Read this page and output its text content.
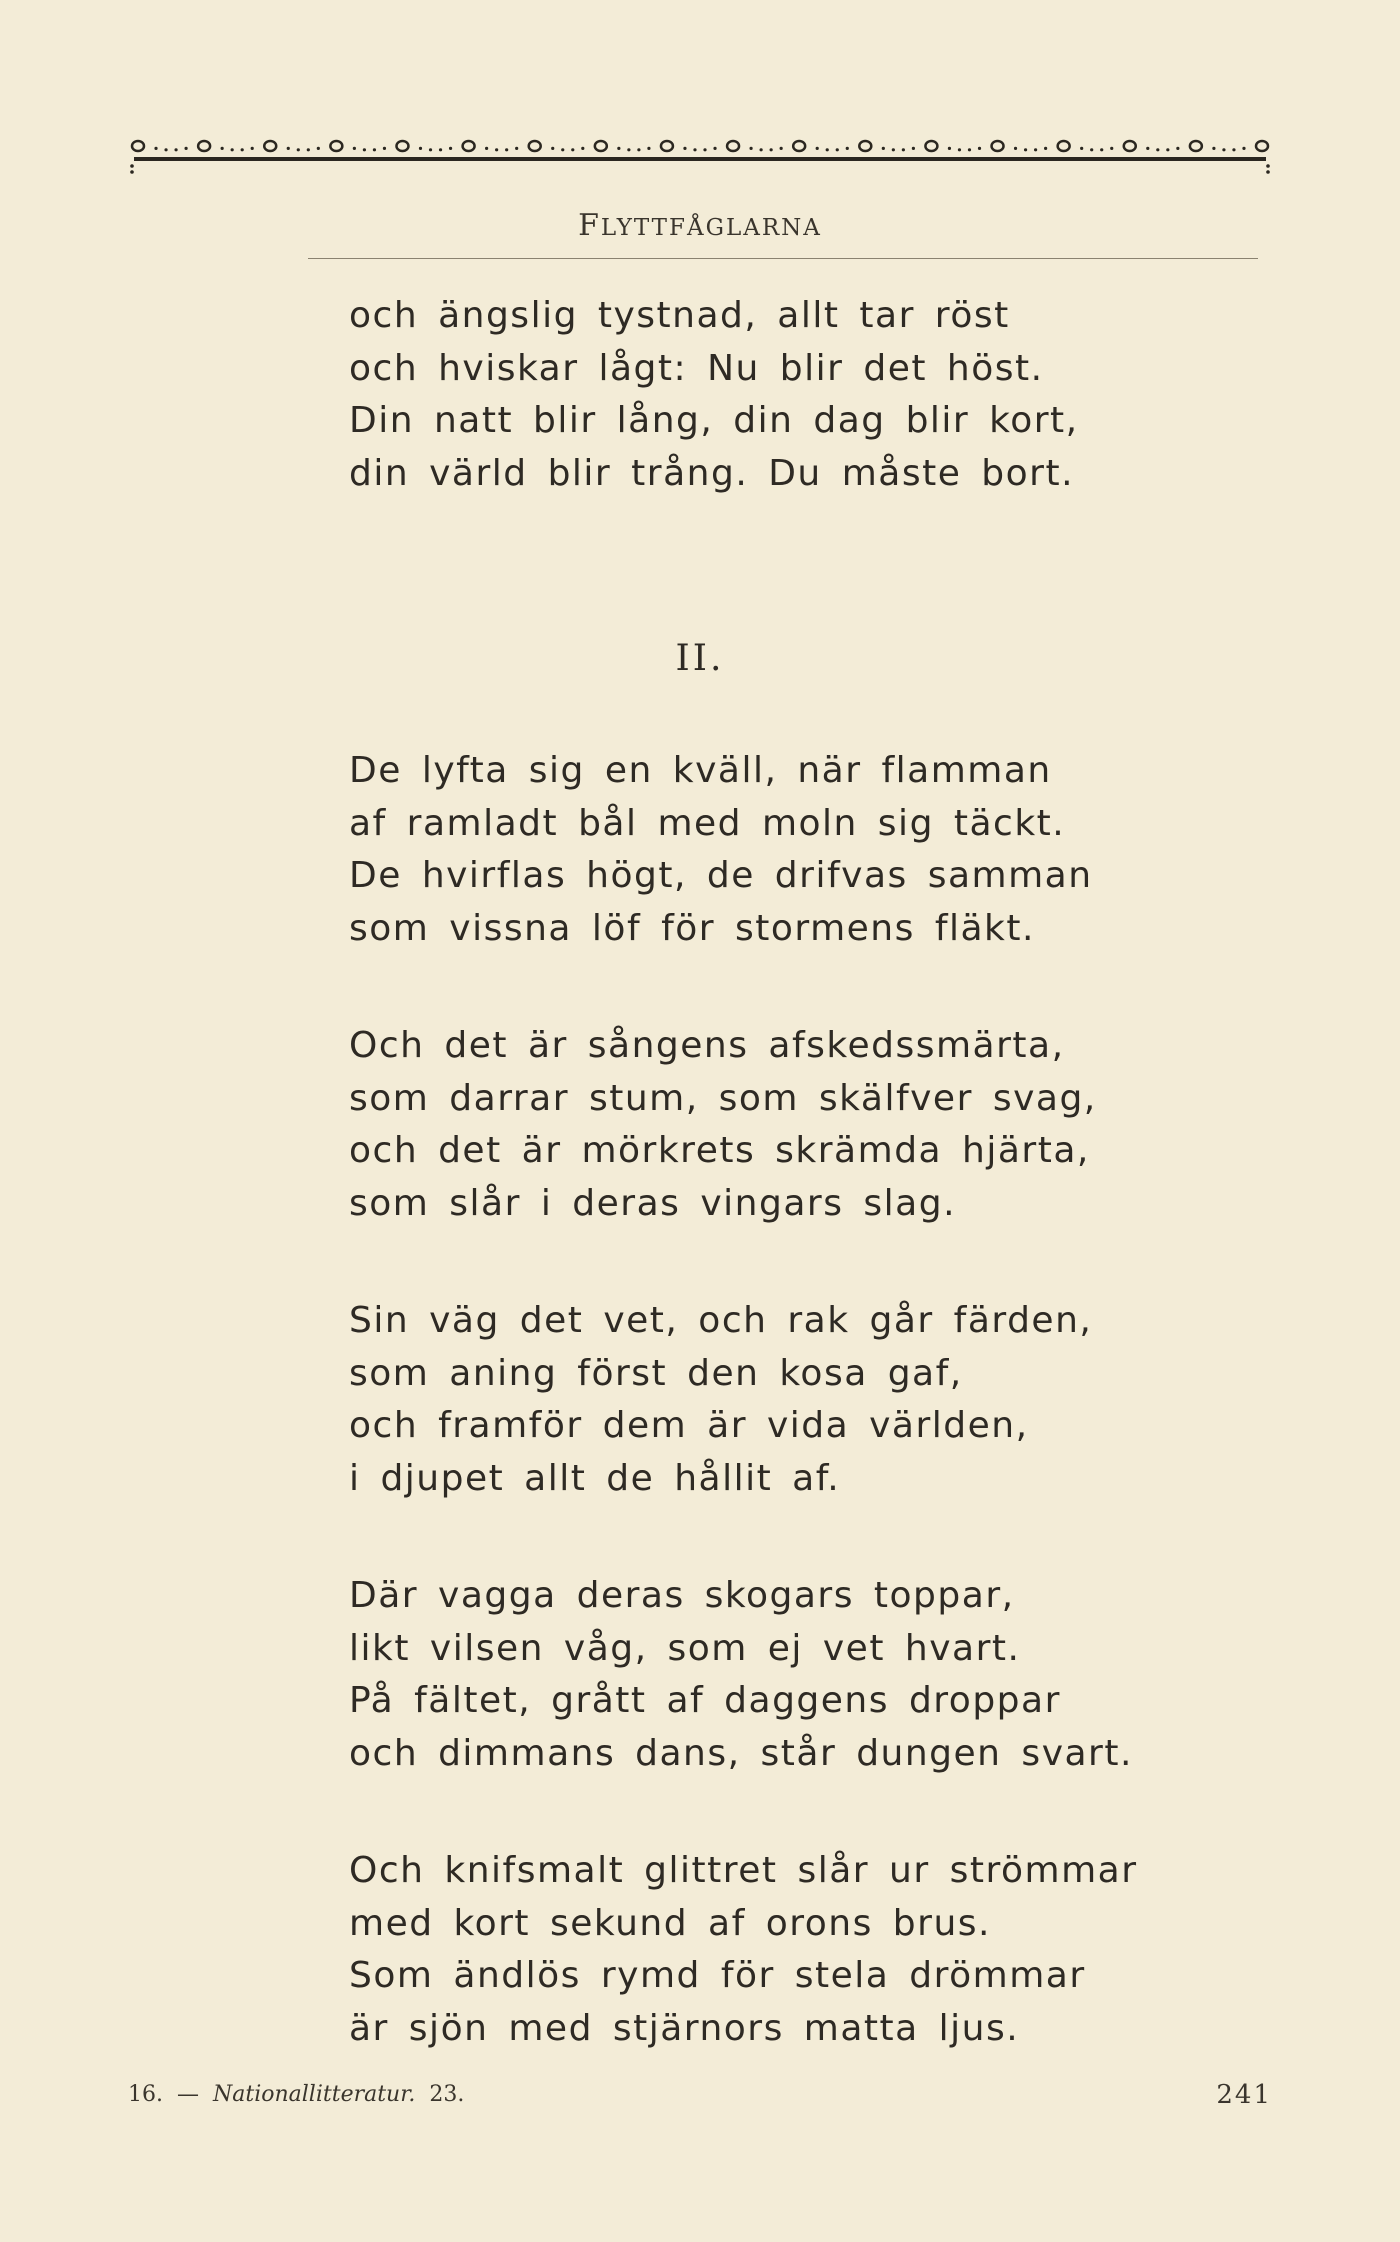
FLYTTFÅGLARNA
och ängslig tystnad, allt tar röst
och hviskar lågt: Nu blir det höst.
Din natt blir lång, din dag blir kort,
din värld blir trång. Du måste bort.
II.
De lyfta sig en kväll, när flamman
af ramladt bål med moln sig täckt.
De hvirflas högt, de drifvas samman
som vissna löf för stormens fläkt.
Och det är sångens afskedssmärta,
som darrar stum, som skälfver svag,
och det är mörkrets skrämda hjärta,
som slår i deras vingars slag.
Sin väg det vet, och rak går färden,
som aning först den kosa gaf,
och framför dem är vida världen,
i djupet allt de hållit af.
Där vagga deras skogars toppar,
likt vilsen våg, som ej vet hvart.
På fältet, grått af daggens droppar
och dimmans dans, står dungen svart.
Och knifsmalt glittret slår ur strömmar
med kort sekund af orons brus.
Som ändlös rymd för stela drömmar
är sjön med stjärnors matta ljus.
16. — Nationallitteratur. 23.	241
